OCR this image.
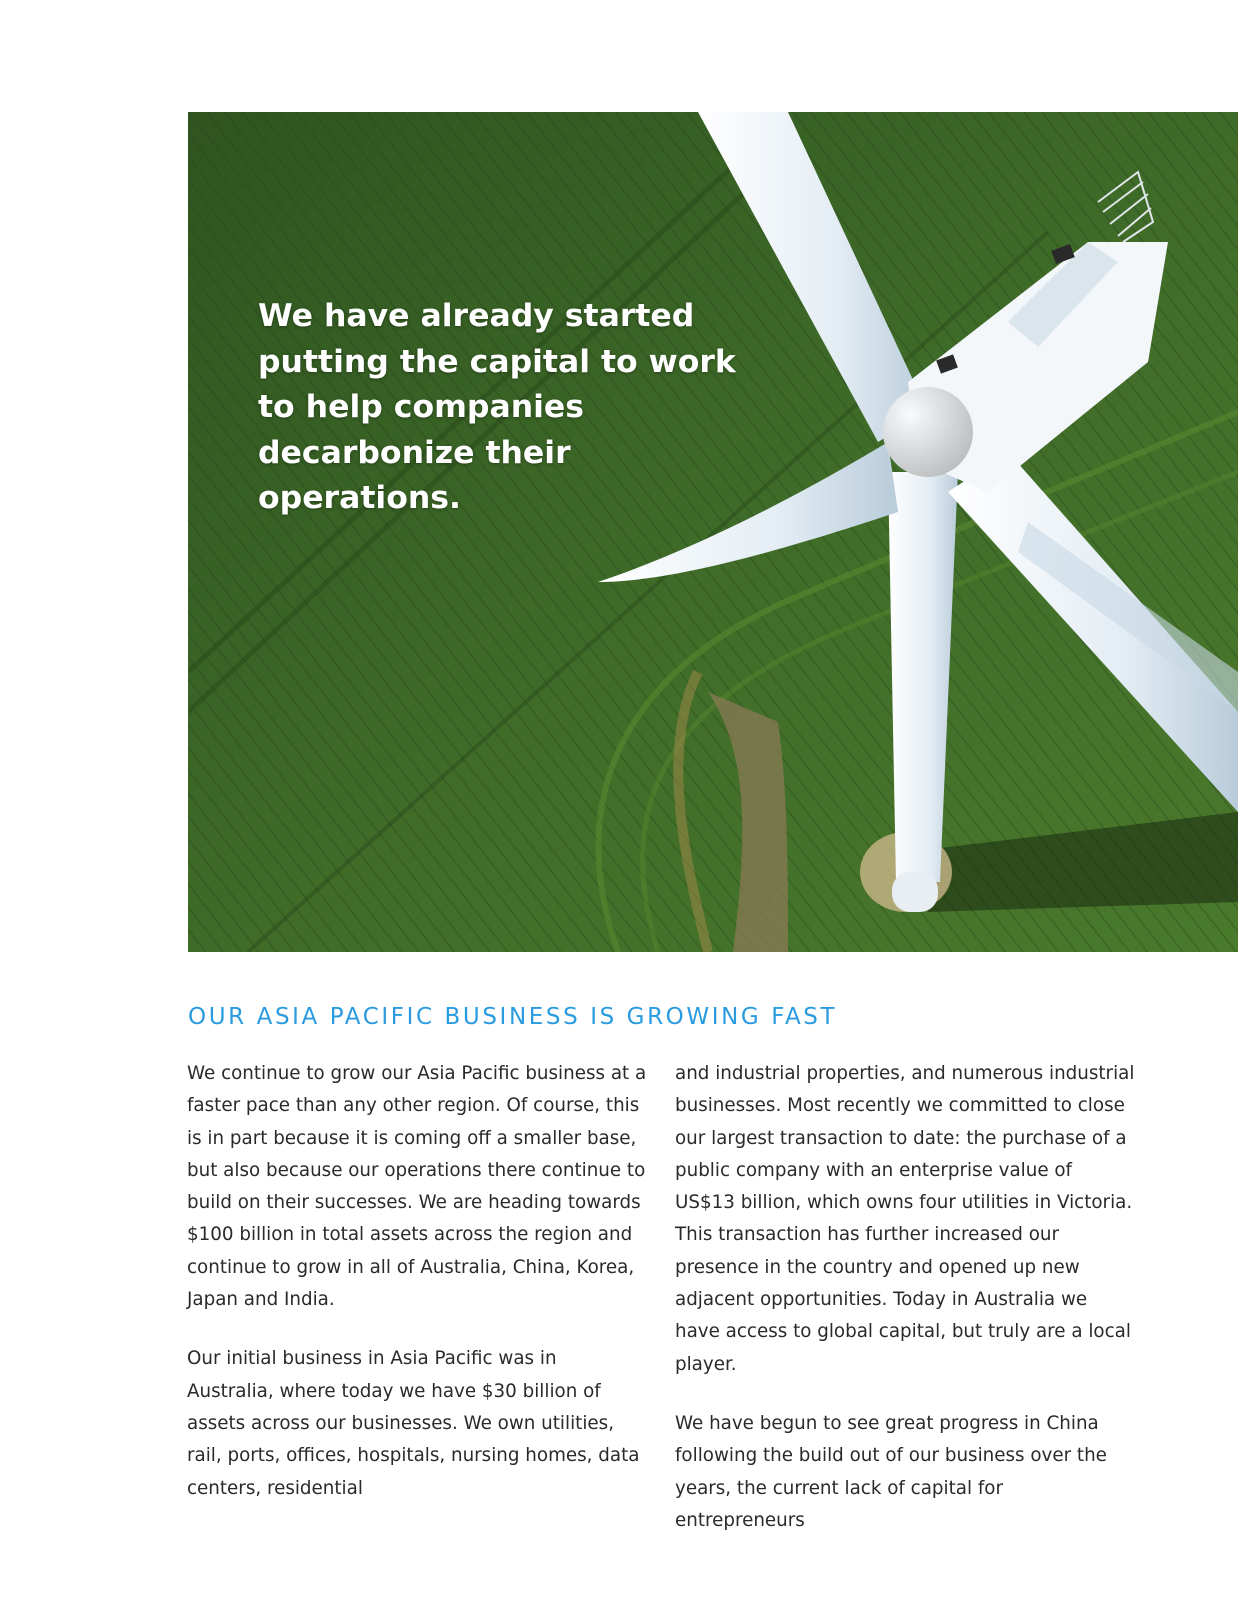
We have already started putting the capital to work to help companies decarbonize their operations.

OUR ASIA PACIFIC BUSINESS IS GROWING FAST

We continue to grow our Asia Pacific business at a faster pace than any other region. Of course, this is in part because it is coming off a smaller base, but also because our operations there continue to build on their successes. We are heading towards $100 billion in total assets across the region and continue to grow in all of Australia, China, Korea, Japan and India.

Our initial business in Asia Pacific was in Australia, where today we have $30 billion of assets across our businesses. We own utilities, rail, ports, offices, hospitals, nursing homes, data centers, residential

and industrial properties, and numerous industrial businesses. Most recently we committed to close our largest transaction to date: the purchase of a public company with an enterprise value of US$13 billion, which owns four utilities in Victoria. This transaction has further increased our presence in the country and opened up new adjacent opportunities. Today in Australia we have access to global capital, but truly are a local player.

We have begun to see great progress in China following the build out of our business over the years, the current lack of capital for entrepreneurs
